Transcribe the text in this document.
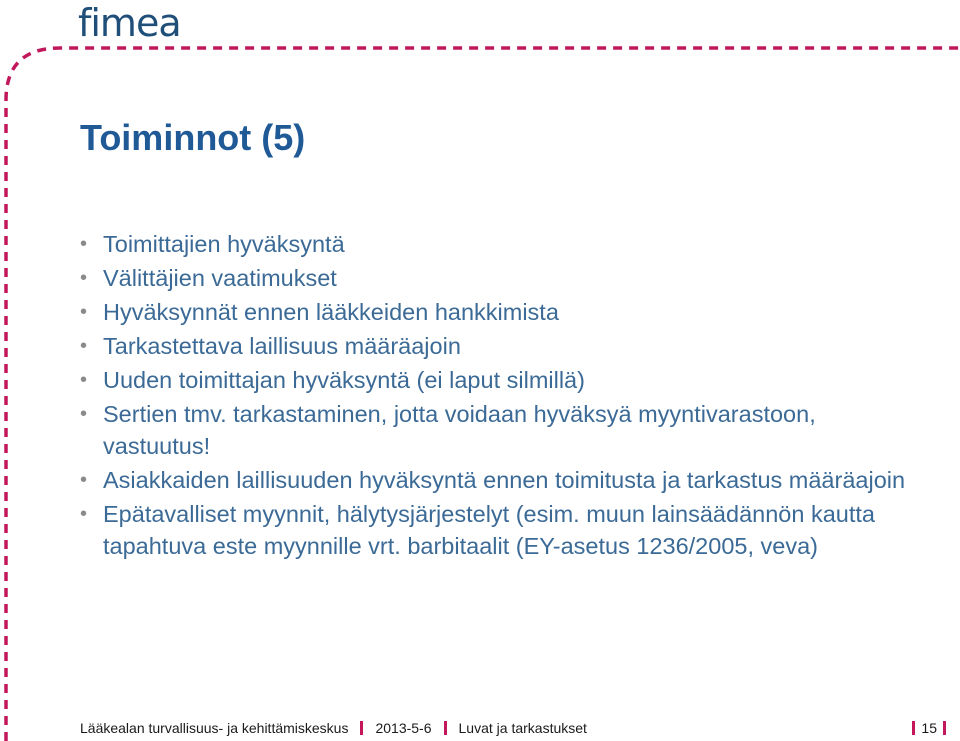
fimea
Toiminnot (5)
• Toimittajien hyväksyntä
• Välittäjien vaatimukset
• Hyväksynnät ennen lääkkeiden hankkimista
• Tarkastettava laillisuus määräajoin
• Uuden toimittajan hyväksyntä (ei laput silmillä)
• Sertien tmv. tarkastaminen, jotta voidaan hyväksyä myyntivarastoon, vastuutus!
• Asiakkaiden laillisuuden hyväksyntä ennen toimitusta ja tarkastus määräajoin
• Epätavalliset myynnit, hälytysjärjestelyt (esim. muun lainsäädännön kautta tapahtuva este myynnille vrt. barbitaalit (EY-asetus 1236/2005, veva)
Lääkealan turvallisuus- ja kehittämiskeskus 2013-5-6 Luvat ja tarkastukset	15
